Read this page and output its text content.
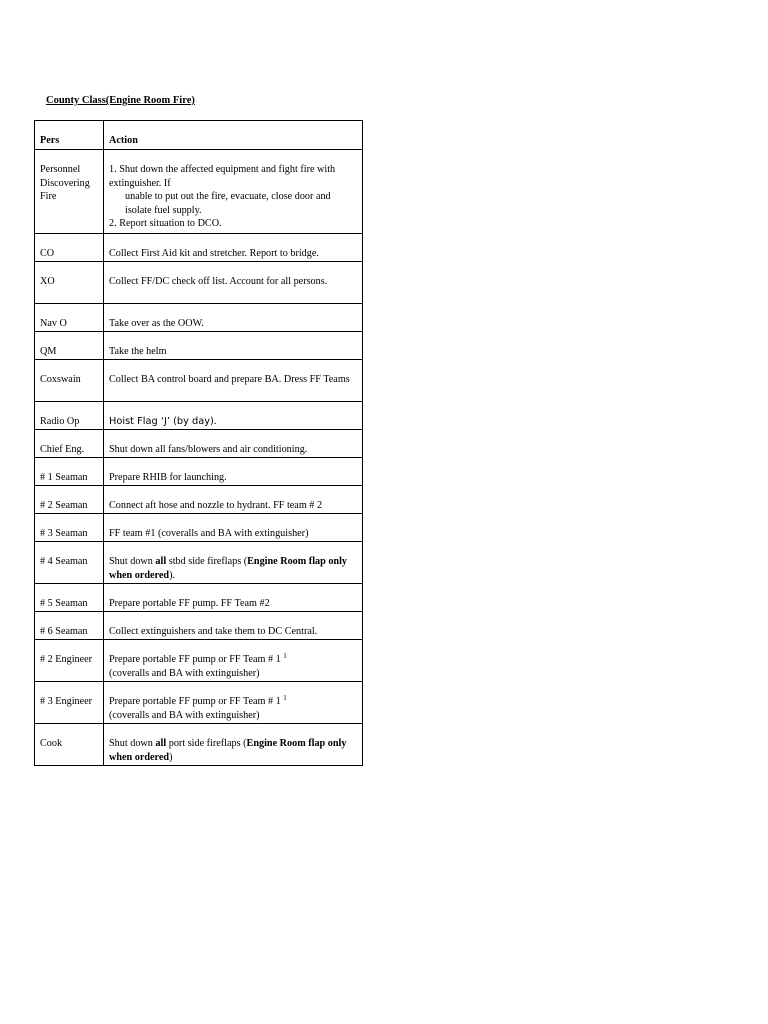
County Class(Engine Room Fire)
Pers	Action
Personnel Discovering Fire	1. Shut down the affected equipment and fight fire with extinguisher. If
unable to put out the fire, evacuate, close door and isolate fuel supply.
2. Report situation to DCO.

CO	Collect First Aid kit and stretcher. Report to bridge.
XO	Collect FF/DC check off list. Account for all persons.
Nav O	Take over as the OOW.
QM	Take the helm
Coxswain	Collect BA control board and prepare BA. Dress FF Teams
Radio Op	Hoist Flag ‘J’ (by day).
Chief Eng.	Shut down all fans/blowers and air conditioning.
# 1 Seaman	Prepare RHIB for launching.
# 2 Seaman	Connect aft hose and nozzle to hydrant. FF team # 2
# 3 Seaman	FF team #1 (coveralls and BA with extinguisher)
# 4 Seaman	Shut down all stbd side fireflaps (Engine Room flap only when ordered).
# 5 Seaman	Prepare portable FF pump. FF Team #2
# 6 Seaman	Collect extinguishers and take them to DC Central.
# 2 Engineer	Prepare portable FF pump or FF Team # 1 $^1$
(coveralls and BA with extinguisher)

# 3 Engineer	Prepare portable FF pump or FF Team # 1 $^1$
(coveralls and BA with extinguisher)

Cook	Shut down all port side fireflaps (Engine Room flap only when ordered)
